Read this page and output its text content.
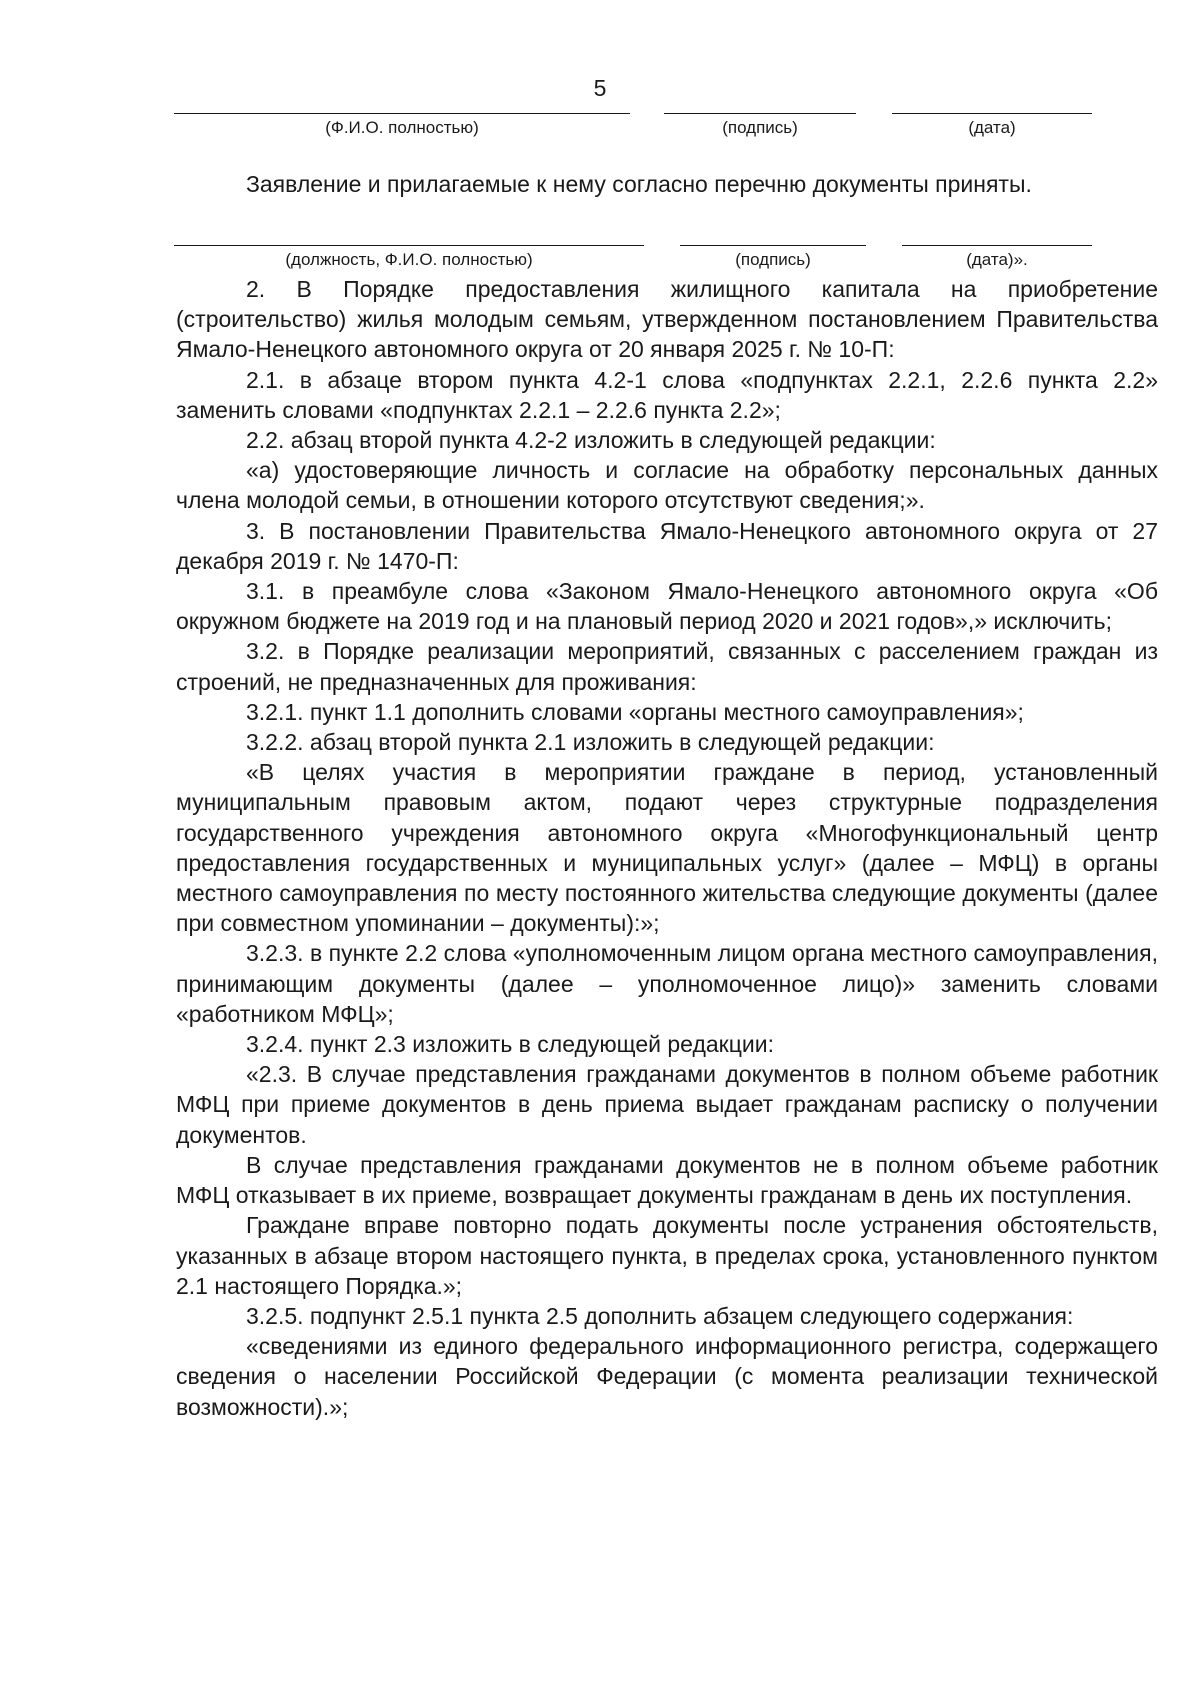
5
(Ф.И.О. полностью)	(подпись)	(дата)
Заявление и прилагаемые к нему согласно перечню документы приняты.
(должность, Ф.И.О. полностью)	(подпись)	(дата)».

2. В Порядке предоставления жилищного капитала на приобретение (строительство) жилья молодым семьям, утвержденном постановлением Правительства Ямало-Ненецкого автономного округа от 20 января 2025 г. № 10-П:

2.1. в абзаце втором пункта 4.2-1 слова «подпунктах 2.2.1, 2.2.6 пункта 2.2» заменить словами «подпунктах 2.2.1 – 2.2.6 пункта 2.2»;

2.2. абзац второй пункта 4.2-2 изложить в следующей редакции:

«а) удостоверяющие личность и согласие на обработку персональных данных члена молодой семьи, в отношении которого отсутствуют сведения;».

3. В постановлении Правительства Ямало-Ненецкого автономного округа от 27 декабря 2019 г. № 1470-П:

3.1. в преамбуле слова «Законом Ямало-Ненецкого автономного округа «Об окружном бюджете на 2019 год и на плановый период 2020 и 2021 годов»,» исключить;

3.2. в Порядке реализации мероприятий, связанных с расселением граждан из строений, не предназначенных для проживания:

3.2.1. пункт 1.1 дополнить словами «органы местного самоуправления»;

3.2.2. абзац второй пункта 2.1 изложить в следующей редакции:

«В целях участия в мероприятии граждане в период, установленный муниципальным правовым актом, подают через структурные подразделения государственного учреждения автономного округа «Многофункциональный центр предоставления государственных и муниципальных услуг» (далее – МФЦ) в органы местного самоуправления по месту постоянного жительства следующие документы (далее при совместном упоминании – документы):»;

3.2.3. в пункте 2.2 слова «уполномоченным лицом органа местного самоуправления, принимающим документы (далее – уполномоченное лицо)» заменить словами «работником МФЦ»;

3.2.4. пункт 2.3 изложить в следующей редакции:

«2.3. В случае представления гражданами документов в полном объеме работник МФЦ при приеме документов в день приема выдает гражданам расписку о получении документов.

В случае представления гражданами документов не в полном объеме работник МФЦ отказывает в их приеме, возвращает документы гражданам в день их поступления.

Граждане вправе повторно подать документы после устранения обстоятельств, указанных в абзаце втором настоящего пункта, в пределах срока, установленного пунктом 2.1 настоящего Порядка.»;

3.2.5. подпункт 2.5.1 пункта 2.5 дополнить абзацем следующего содержания:

«сведениями из единого федерального информационного регистра, содержащего сведения о населении Российской Федерации (с момента реализации технической возможности).»;
